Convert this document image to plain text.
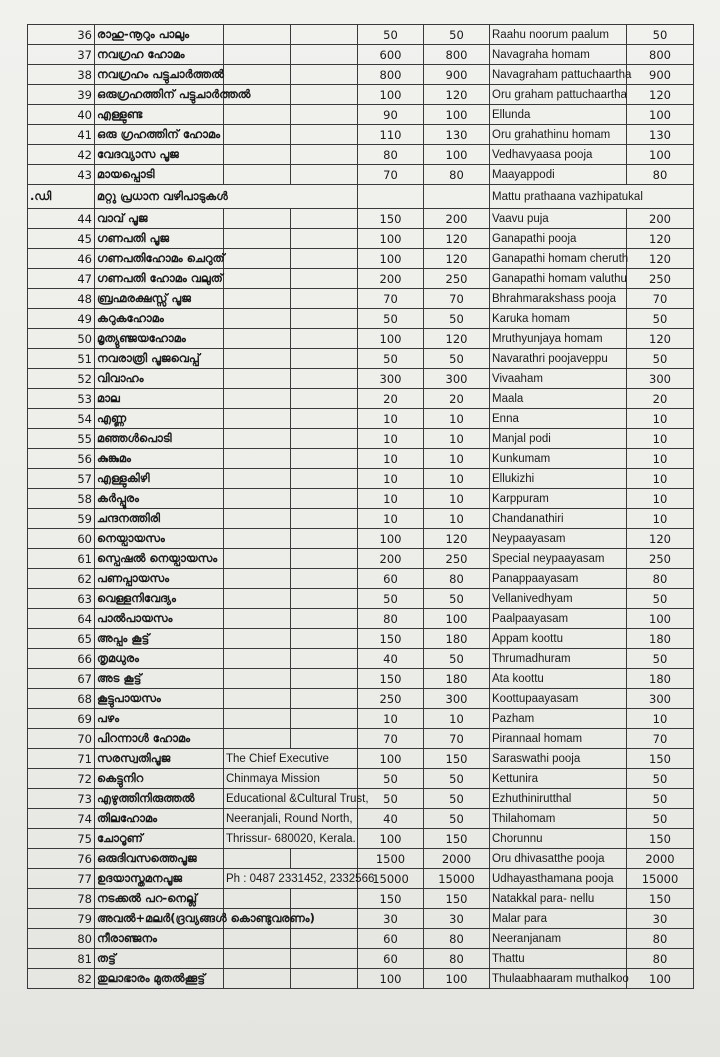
36	രാഹു-നൂറും പാലും			50	50	Raahu noorum paalum	50
37	നവഗ്രഹ ഹോമം			600	800	Navagraha homam	800
38	നവഗ്രഹം പട്ടുചാർത്തൽ			800	900	Navagraham pattuchaartha	900
39	ഒരുഗ്രഹത്തിന് പട്ടുചാർത്തൽ			100	120	Oru graham pattuchaartha	120
40	എള്ളുണ്ട			90	100	Ellunda	100
41	ഒരു ഗ്രഹത്തിന് ഹോമം			110	130	Oru grahathinu homam	130
42	വേദവ്യാസ പൂജ			80	100	Vedhavyaasa pooja	100
43	മായപ്പൊടി			70	80	Maayappodi	80
.ഡി	മറ്റു പ്രധാന വഴിപാടുകൾ					Mattu prathaana vazhipatukal	
44	വാവ് പൂജ			150	200	Vaavu puja	200
45	ഗണപതി പൂജ			100	120	Ganapathi pooja	120
46	ഗണപതിഹോമം ചെറുത്			100	120	Ganapathi homam cheruth	120
47	ഗണപതി ഹോമം വലുത്			200	250	Ganapathi homam valuthu	250
48	ബ്രഹ്മരക്ഷസ്സ് പൂജ			70	70	Bhrahmarakshass pooja	70
49	കറുകഹോമം			50	50	Karuka homam	50
50	മൃത്യുഞ്ജയഹോമം			100	120	Mruthyunjaya homam	120
51	നവരാത്രി പൂജവെപ്പ്			50	50	Navarathri poojaveppu	50
52	വിവാഹം			300	300	Vivaaham	300
53	മാല			20	20	Maala	20
54	എണ്ണ			10	10	Enna	10
55	മഞ്ഞൾപൊടി			10	10	Manjal podi	10
56	കുങ്കുമം			10	10	Kunkumam	10
57	എള്ളുകിഴി			10	10	Ellukizhi	10
58	കർപ്പൂരം			10	10	Karppuram	10
59	ചന്ദനത്തിരി			10	10	Chandanathiri	10
60	നെയ്പായസം			100	120	Neypaayasam	120
61	സ്പെഷൽ നെയ്പായസം			200	250	Special neypaayasam	250
62	പണപ്പായസം			60	80	Panappaayasam	80
63	വെള്ളനിവേദ്യം			50	50	Vellanivedhyam	50
64	പാൽപായസം			80	100	Paalpaayasam	100
65	അപ്പം കൂട്ട്			150	180	Appam koottu	180
66	തൃമധുരം			40	50	Thrumadhuram	50
67	അട കൂട്ട്			150	180	Ata koottu	180
68	കൂട്ടുപായസം			250	300	Koottupaayasam	300
69	പഴം			10	10	Pazham	10
70	പിറന്നാൾ ഹോമം			70	70	Pirannaal homam	70
71	സരസ്വതിപൂജ	The Chief Executive		100	150	Saraswathi pooja	150
72	കെട്ടുനിറ	Chinmaya Mission		50	50	Kettunira	50
73	എഴുത്തിനിരുത്തൽ	Educational &Cultural Trust,		50	50	Ezhuthinirutthal	50
74	തിലഹോമം	Neeranjali, Round North,		40	50	Thilahomam	50
75	ചോറൂണ്	Thrissur- 680020, Kerala.		100	150	Chorunnu	150
76	ഒരുദിവസത്തെപൂജ			1500	2000	Oru dhivasatthe pooja	2000
77	ഉദയാസ്തമനപൂജ	Ph : 0487 2331452, 2332566		15000	15000	Udhayasthamana pooja	15000
78	നടക്കൽ പറ-നെല്ല്			150	150	Natakkal para- nellu	150
79	അവൽ+മലർ(ദ്രവ്യങ്ങൾ കൊണ്ടുവരണം)			30	30	Malar para	30
80	നീരാഞ്ജനം			60	80	Neeranjanam	80
81	തട്ട്			60	80	Thattu	80
82	തുലാഭാരം മുതൽക്കൂട്ട്			100	100	Thulaabhaaram muthalkoo	100
